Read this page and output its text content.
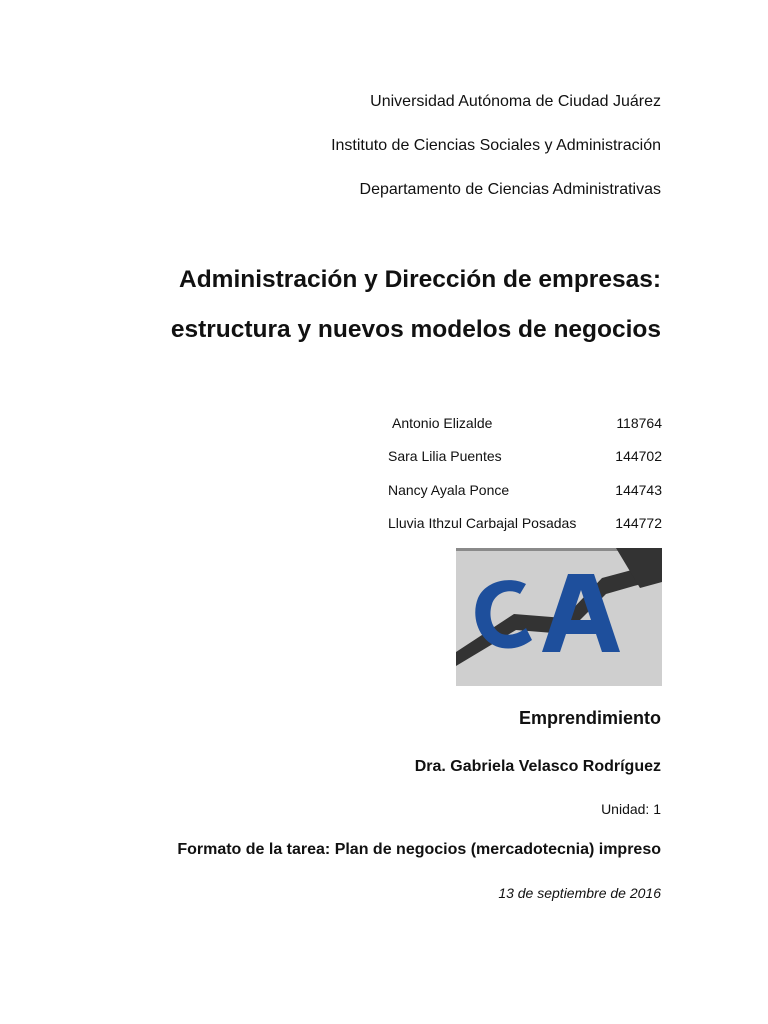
Universidad Autónoma de Ciudad Juárez
Instituto de Ciencias Sociales y Administración
Departamento de Ciencias Administrativas
Administración y Dirección de empresas:
estructura y nuevos modelos de negocios
Antonio Elizalde	118764
Sara Lilia Puentes	144702
Nancy Ayala Ponce	144743
Lluvia Ithzul Carbajal Posadas	144772
Emprendimiento
Dra. Gabriela Velasco Rodríguez
Unidad: 1
Formato de la tarea: Plan de negocios (mercadotecnia) impreso
13 de septiembre de 2016
